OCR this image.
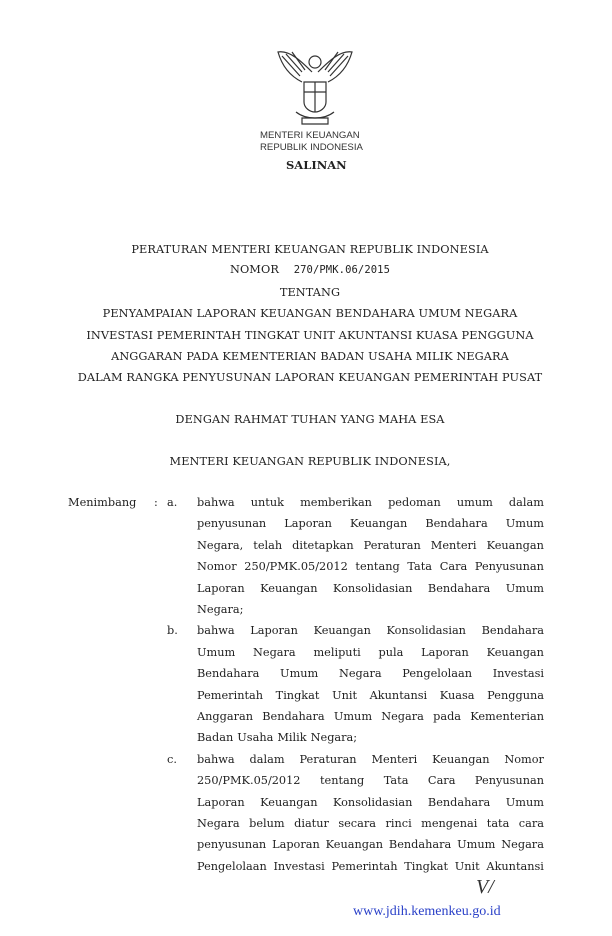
MENTERI KEUANGAN
REPUBLIK INDONESIA
SALINAN
PERATURAN MENTERI KEUANGAN REPUBLIK INDONESIA
NOMOR 270/PMK.06/2015
TENTANG
PENYAMPAIAN LAPORAN KEUANGAN BENDAHARA UMUM NEGARA
INVESTASI PEMERINTAH TINGKAT UNIT AKUNTANSI KUASA PENGGUNA
ANGGARAN PADA KEMENTERIAN BADAN USAHA MILIK NEGARA
DALAM RANGKA PENYUSUNAN LAPORAN KEUANGAN PEMERINTAH PUSAT
DENGAN RAHMAT TUHAN YANG MAHA ESA
MENTERI KEUANGAN REPUBLIK INDONESIA,
Menimbang : a. bahwa untuk memberikan pedoman umum dalam
penyusunan Laporan Keuangan Bendahara Umum
Negara, telah ditetapkan Peraturan Menteri Keuangan
Nomor 250/PMK.05/2012 tentang Tata Cara Penyusunan
Laporan Keuangan Konsolidasian Bendahara Umum
Negara;
b. bahwa Laporan Keuangan Konsolidasian Bendahara
Umum Negara meliputi pula Laporan Keuangan
Bendahara Umum Negara Pengelolaan Investasi
Pemerintah Tingkat Unit Akuntansi Kuasa Pengguna
Anggaran Bendahara Umum Negara pada Kementerian
Badan Usaha Milik Negara;
c. bahwa dalam Peraturan Menteri Keuangan Nomor
250/PMK.05/2012 tentang Tata Cara Penyusunan
Laporan Keuangan Konsolidasian Bendahara Umum
Negara belum diatur secara rinci mengenai tata cara
penyusunan Laporan Keuangan Bendahara Umum Negara
Pengelolaan Investasi Pemerintah Tingkat Unit Akuntansi
V/
www.jdih.kemenkeu.go.id
